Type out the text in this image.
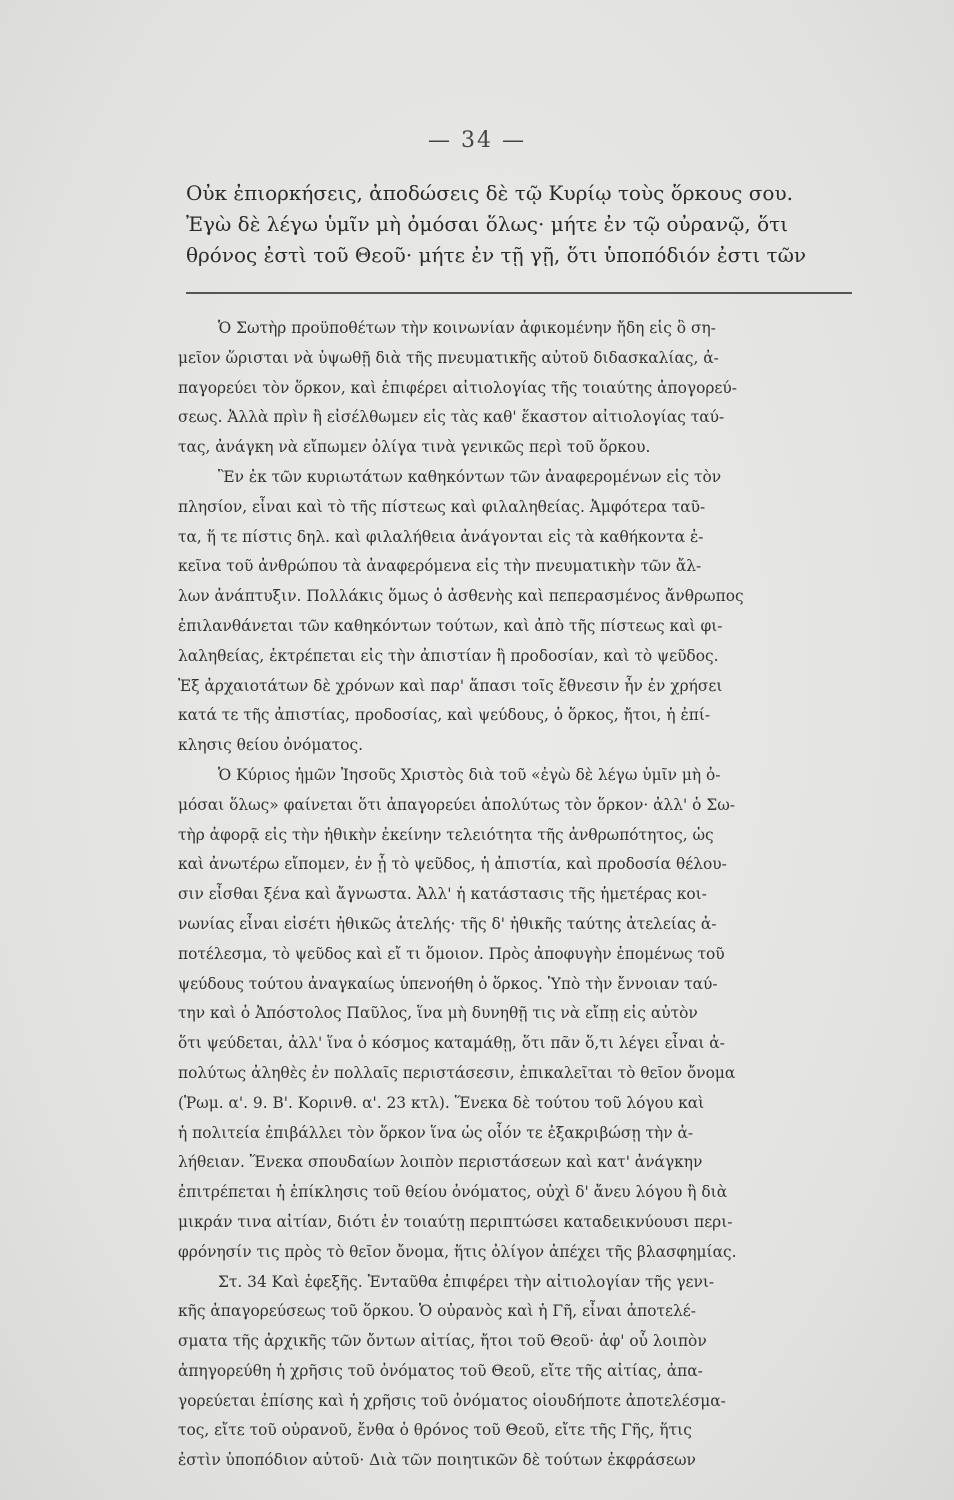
— 34 —
Οὐκ ἐπιορκήσεις, ἀποδώσεις δὲ τῷ Κυρίῳ τοὺς ὅρκους σου.
Ἐγὼ δὲ λέγω ὑμῖν μὴ ὀμόσαι ὅλως· μήτε ἐν τῷ οὐρανῷ, ὅτι
θρόνος ἐστὶ τοῦ Θεοῦ· μήτε ἐν τῇ γῇ, ὅτι ὑποπόδιόν ἐστι τῶν
Ὁ Σωτὴρ προϋποθέτων τὴν κοινωνίαν ἀφικομένην ἤδη εἰς ὃ ση-
μεῖον ὥρισται νὰ ὑψωθῇ διὰ τῆς πνευματικῆς αὐτοῦ διδασκαλίας, ἀ-
παγορεύει τὸν ὅρκον, καὶ ἐπιφέρει αἰτιολογίας τῆς τοιαύτης ἀπογορεύ-
σεως. Ἀλλὰ πρὶν ἢ εἰσέλθωμεν εἰς τὰς καθ' ἕκαστον αἰτιολογίας ταύ-
τας, ἀνάγκη νὰ εἴπωμεν ὀλίγα τινὰ γενικῶς περὶ τοῦ ὅρκου.
Ἓν ἐκ τῶν κυριωτάτων καθηκόντων τῶν ἀναφερομένων εἰς τὸν
πλησίον, εἶναι καὶ τὸ τῆς πίστεως καὶ φιλαληθείας. Ἀμφότερα ταῦ-
τα, ἥ τε πίστις δηλ. καὶ φιλαλήθεια ἀνάγονται εἰς τὰ καθήκοντα ἐ-
κεῖνα τοῦ ἀνθρώπου τὰ ἀναφερόμενα εἰς τὴν πνευματικὴν τῶν ἄλ-
λων ἀνάπτυξιν. Πολλάκις ὅμως ὁ ἀσθενὴς καὶ πεπερασμένος ἄνθρωπος
ἐπιλανθάνεται τῶν καθηκόντων τούτων, καὶ ἀπὸ τῆς πίστεως καὶ φι-
λαληθείας, ἐκτρέπεται εἰς τὴν ἀπιστίαν ἢ προδοσίαν, καὶ τὸ ψεῦδος.
Ἐξ ἀρχαιοτάτων δὲ χρόνων καὶ παρ' ἅπασι τοῖς ἔθνεσιν ἦν ἐν χρήσει
κατά τε τῆς ἀπιστίας, προδοσίας, καὶ ψεύδους, ὁ ὅρκος, ἤτοι, ἡ ἐπί-
κλησις θείου ὀνόματος.
Ὁ Κύριος ἡμῶν Ἰησοῦς Χριστὸς διὰ τοῦ «ἐγὼ δὲ λέγω ὑμῖν μὴ ὀ-
μόσαι ὅλως» φαίνεται ὅτι ἀπαγορεύει ἀπολύτως τὸν ὅρκον· ἀλλ' ὁ Σω-
τὴρ ἀφορᾷ εἰς τὴν ἠθικὴν ἐκείνην τελειότητα τῆς ἀνθρωπότητος, ὡς
καὶ ἀνωτέρω εἴπομεν, ἐν ᾗ τὸ ψεῦδος, ἡ ἀπιστία, καὶ προδοσία θέλου-
σιν εἶσθαι ξένα καὶ ἄγνωστα. Ἀλλ' ἡ κατάστασις τῆς ἡμετέρας κοι-
νωνίας εἶναι εἰσέτι ἠθικῶς ἀτελής· τῆς δ' ἠθικῆς ταύτης ἀτελείας ἀ-
ποτέλεσμα, τὸ ψεῦδος καὶ εἴ τι ὅμοιον. Πρὸς ἀποφυγὴν ἑπομένως τοῦ
ψεύδους τούτου ἀναγκαίως ὑπενοήθη ὁ ὅρκος. Ὑπὸ τὴν ἔννοιαν ταύ-
την καὶ ὁ Ἀπόστολος Παῦλος, ἵνα μὴ δυνηθῇ τις νὰ εἴπῃ εἰς αὐτὸν
ὅτι ψεύδεται, ἀλλ' ἵνα ὁ κόσμος καταμάθῃ, ὅτι πᾶν ὅ,τι λέγει εἶναι ἀ-
πολύτως ἀληθὲς ἐν πολλαῖς περιστάσεσιν, ἐπικαλεῖται τὸ θεῖον ὄνομα
(Ῥωμ. α'. 9. Β'. Κορινθ. α'. 23 κτλ). Ἕνεκα δὲ τούτου τοῦ λόγου καὶ
ἡ πολιτεία ἐπιβάλλει τὸν ὅρκον ἵνα ὡς οἷόν τε ἐξακριβώσῃ τὴν ἀ-
λήθειαν. Ἕνεκα σπουδαίων λοιπὸν περιστάσεων καὶ κατ' ἀνάγκην
ἐπιτρέπεται ἡ ἐπίκλησις τοῦ θείου ὀνόματος, οὐχὶ δ' ἄνευ λόγου ἢ διὰ
μικράν τινα αἰτίαν, διότι ἐν τοιαύτῃ περιπτώσει καταδεικνύουσι περι-
φρόνησίν τις πρὸς τὸ θεῖον ὄνομα, ἥτις ὀλίγον ἀπέχει τῆς βλασφημίας.
Στ. 34 Καὶ ἐφεξῆς. Ἐνταῦθα ἐπιφέρει τὴν αἰτιολογίαν τῆς γενι-
κῆς ἀπαγορεύσεως τοῦ ὅρκου. Ὁ οὐρανὸς καὶ ἡ Γῆ, εἶναι ἀποτελέ-
σματα τῆς ἀρχικῆς τῶν ὄντων αἰτίας, ἤτοι τοῦ Θεοῦ· ἀφ' οὗ λοιπὸν
ἀπηγορεύθη ἡ χρῆσις τοῦ ὀνόματος τοῦ Θεοῦ, εἴτε τῆς αἰτίας, ἀπα-
γορεύεται ἐπίσης καὶ ἡ χρῆσις τοῦ ὀνόματος οἱουδήποτε ἀποτελέσμα-
τος, εἴτε τοῦ οὐρανοῦ, ἔνθα ὁ θρόνος τοῦ Θεοῦ, εἴτε τῆς Γῆς, ἥτις
ἐστὶν ὑποπόδιον αὐτοῦ· Διὰ τῶν ποιητικῶν δὲ τούτων ἐκφράσεων
